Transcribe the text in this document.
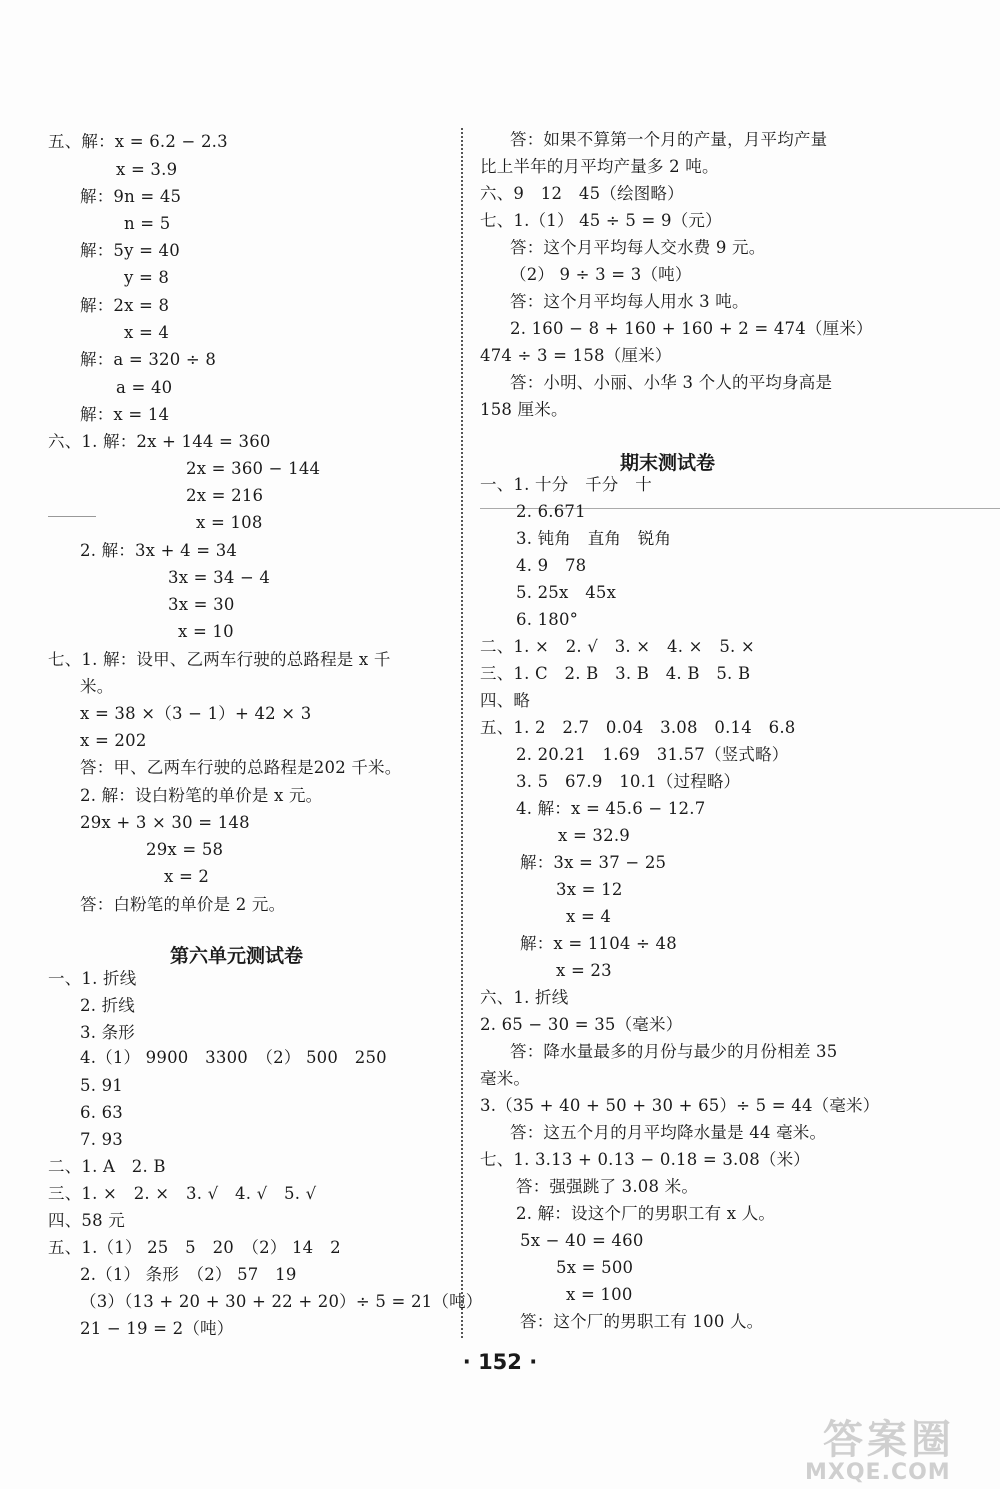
五、解：x = 6.2 − 2.3
x = 3.9
解：9n = 45
n = 5
解：5y = 40
y = 8
解：2x = 8
x = 4
解：a = 320 ÷ 8
a = 40
解：x = 14
六、1. 解：2x + 144 = 360
2x = 360 − 144
2x = 216
x = 108
2. 解：3x + 4 = 34
3x = 34 − 4
3x = 30
x = 10
七、1. 解：设甲、乙两车行驶的总路程是 x 千
米。
x = 38 ×（3 − 1）+ 42 × 3
x = 202
答：甲、乙两车行驶的总路程是202 千米。
2. 解：设白粉笔的单价是 x 元。
29x + 3 × 30 = 148
29x = 58
x = 2
答：白粉笔的单价是 2 元。
第六单元测试卷
一、1. 折线
2. 折线
3. 条形
4.（1） 9900　3300　（2） 500　250
5. 91
6. 63
7. 93
二、1. A　2. B
三、1. ×　2. ×　3. √　4. √　5. √
四、58 元
五、1.（1） 25　5　20　（2） 14　2
2.（1） 条形　（2） 57　19
（3）（13 + 20 + 30 + 22 + 20）÷ 5 = 21（吨）
21 − 19 = 2（吨）
答：如果不算第一个月的产量，月平均产量
比上半年的月平均产量多 2 吨。
六、9　12　45（绘图略）
七、1.（1） 45 ÷ 5 = 9（元）
答：这个月平均每人交水费 9 元。
（2） 9 ÷ 3 = 3（吨）
答：这个月平均每人用水 3 吨。
2. 160 − 8 + 160 + 160 + 2 = 474（厘米）
474 ÷ 3 = 158（厘米）
答：小明、小丽、小华 3 个人的平均身高是
158 厘米。
期末测试卷
一、1. 十分　千分　十
2. 6.671
3. 钝角　直角　锐角
4. 9　78
5. 25x　45x
6. 180°
二、1. ×　2. √　3. ×　4. ×　5. ×
三、1. C　2. B　3. B　4. B　5. B
四、略
五、1. 2　2.7　0.04　3.08　0.14　6.8
2. 20.21　1.69　31.57（竖式略）
3. 5　67.9　10.1（过程略）
4. 解：x = 45.6 − 12.7
x = 32.9
解：3x = 37 − 25
3x = 12
x = 4
解：x = 1104 ÷ 48
x = 23
六、1. 折线
2. 65 − 30 = 35（毫米）
答：降水量最多的月份与最少的月份相差 35
毫米。
3.（35 + 40 + 50 + 30 + 65）÷ 5 = 44（毫米）
答：这五个月的月平均降水量是 44 毫米。
七、1. 3.13 + 0.13 − 0.18 = 3.08（米）
答：强强跳了 3.08 米。
2. 解：设这个厂的男职工有 x 人。
5x − 40 = 460
5x = 500
x = 100
答：这个厂的男职工有 100 人。
· 152 ·
答案圈
MXQE.COM
